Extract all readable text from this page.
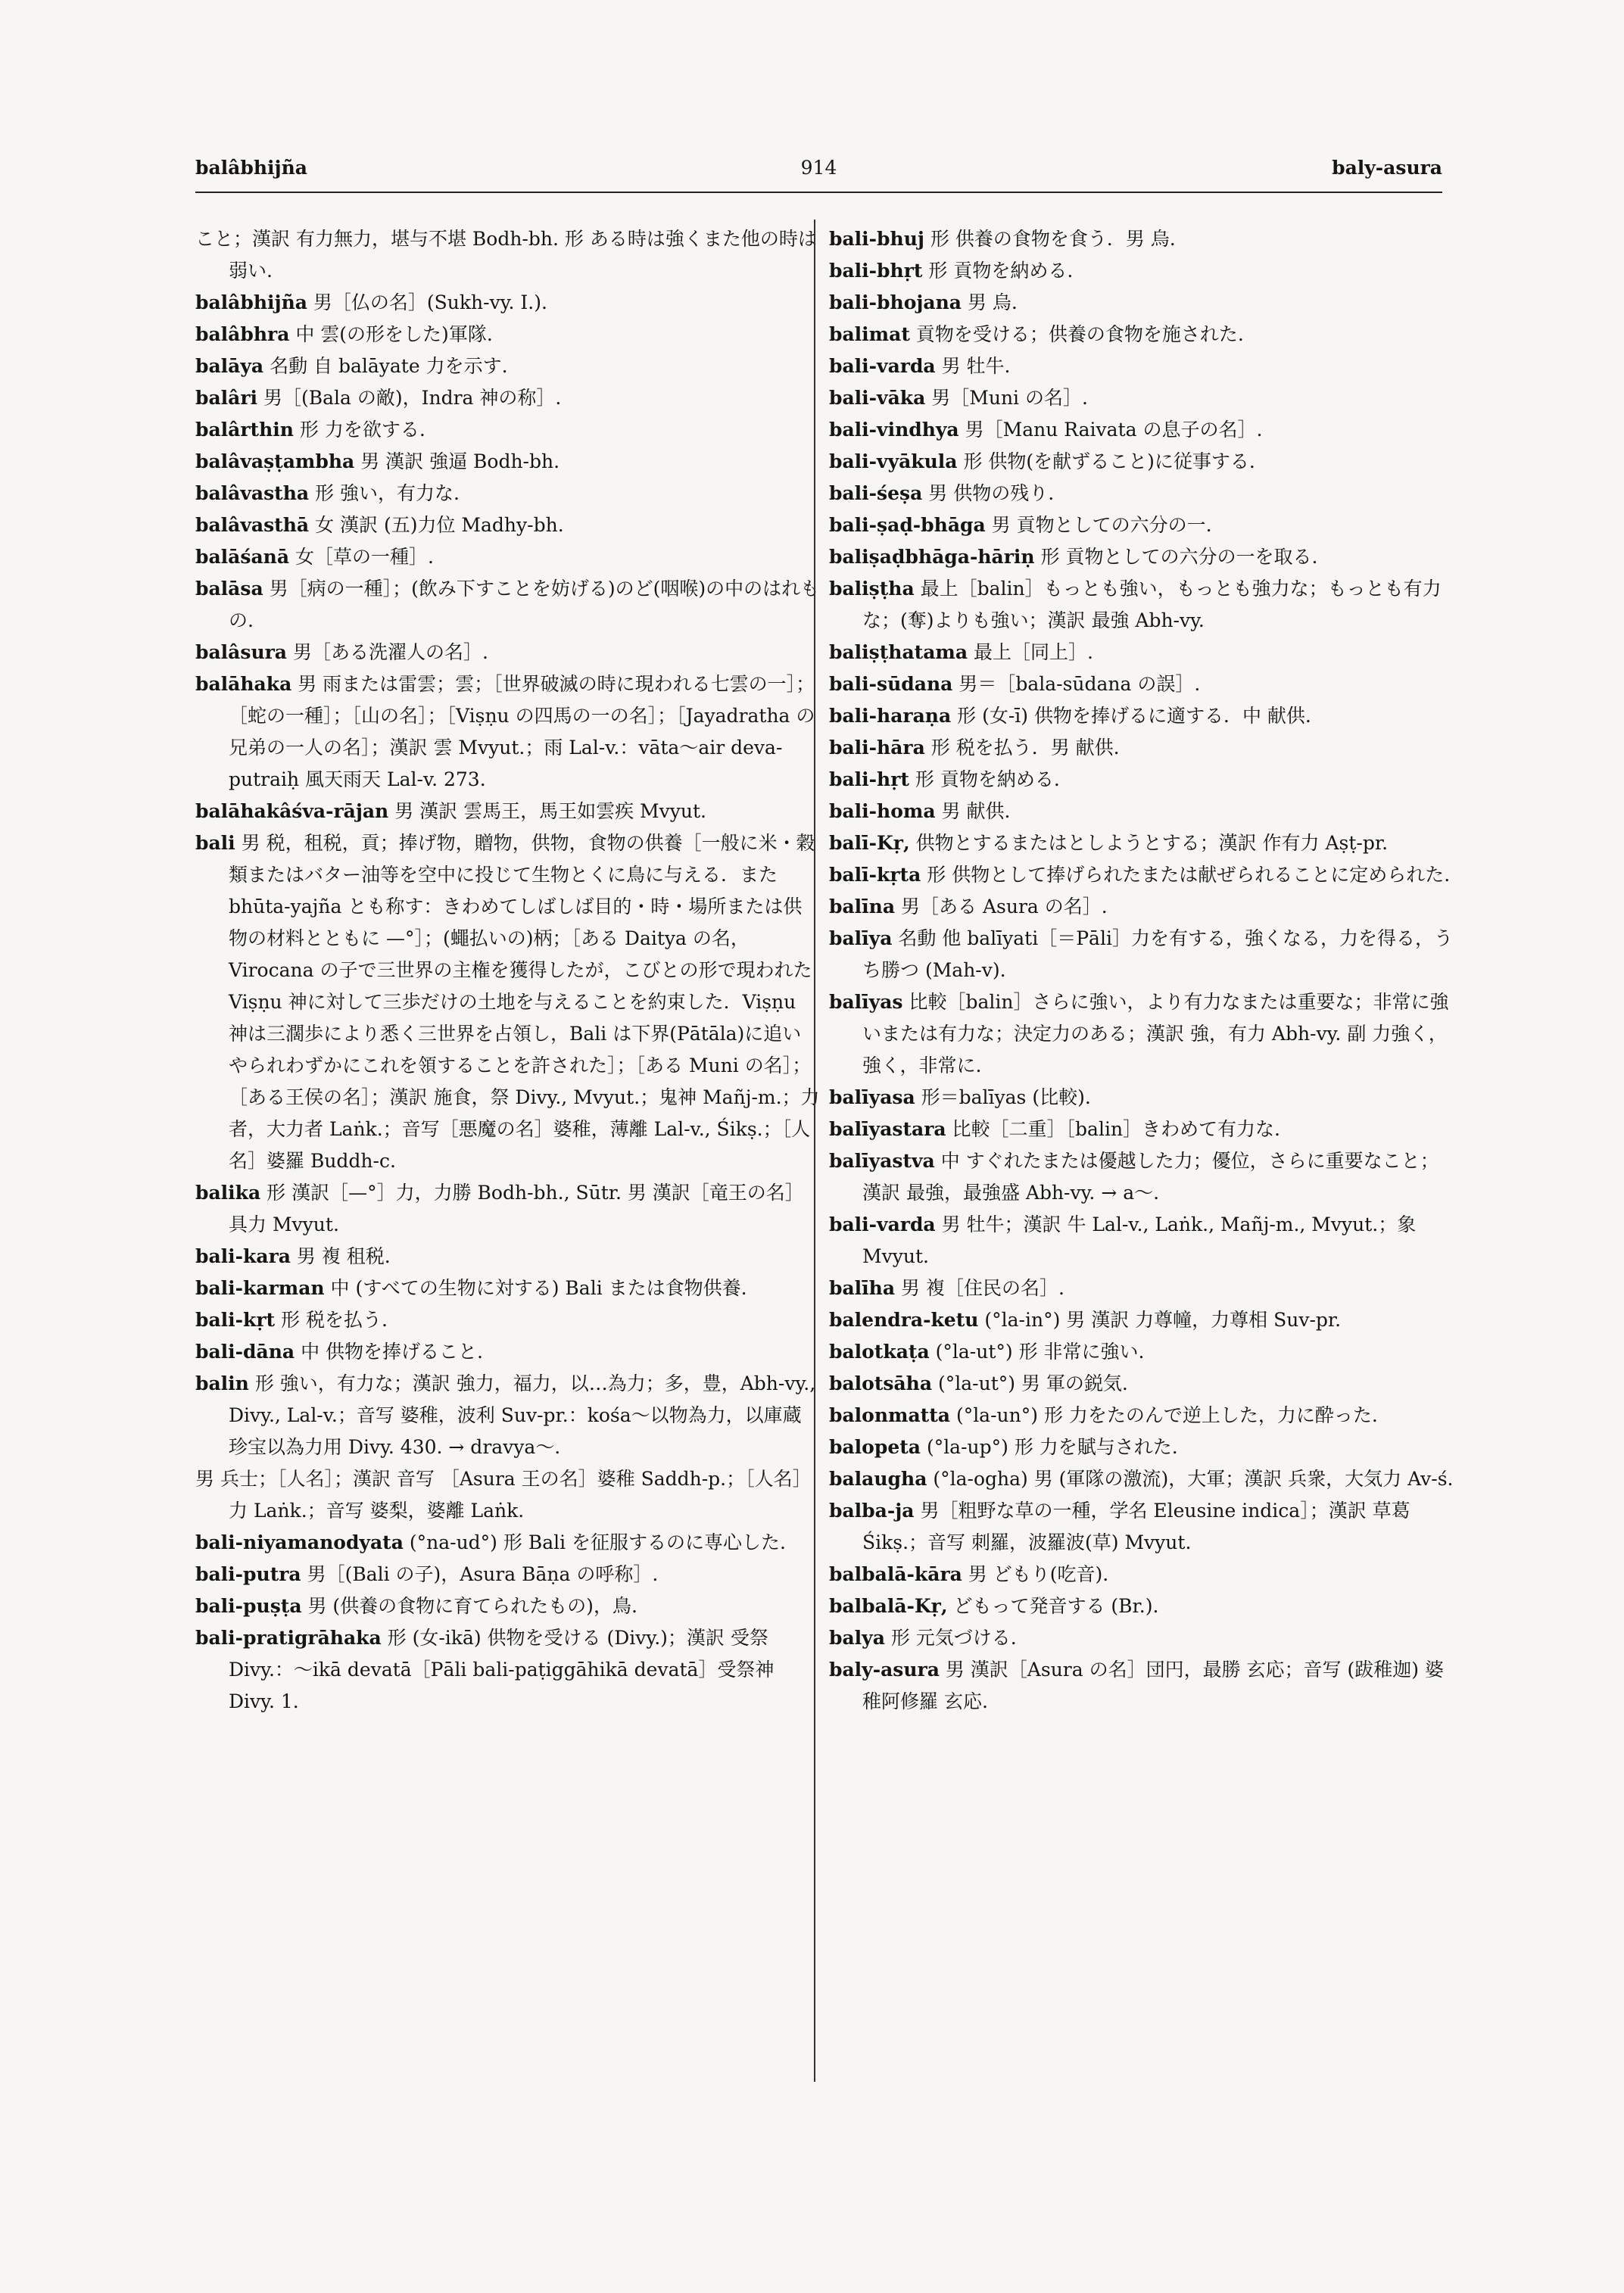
balâbhijña	914	baly-asura

こと；漢訳 有力無力，堪与不堪 Bodh-bh. 形 ある時は強くまた他の時は弱い.

balâbhijña 男［仏の名］(Sukh-vy. I.).

balâbhra 中 雲(の形をした)軍隊.

balāya 名動 自 balāyate 力を示す.

balâri 男［(Bala の敵)，Indra 神の称］.

balârthin 形 力を欲する.

balâvaṣṭambha 男 漢訳 強逼 Bodh-bh.

balâvastha 形 強い，有力な.

balâvasthā 女 漢訳 (五)力位 Madhy-bh.

balāśanā 女［草の一種］.

balāsa 男［病の一種］；(飲み下すことを妨げる)のど(咽喉)の中のはれもの.

balâsura 男［ある洗濯人の名］.

balāhaka 男 雨または雷雲；雲；［世界破滅の時に現われる七雲の一］；［蛇の一種］；［山の名］；［Viṣṇu の四馬の一の名］；［Jayadratha の兄弟の一人の名］；漢訳 雲 Mvyut.；雨 Lal-v.：vāta～air deva-putraiḥ 風天雨天 Lal-v. 273.

balāhakâśva-rājan 男 漢訳 雲馬王，馬王如雲疾 Mvyut.

bali 男 税，租税，貢；捧げ物，贈物，供物，食物の供養［一般に米・穀類またはバター油等を空中に投じて生物とくに鳥に与える．また bhūta-yajña とも称す：きわめてしばしば目的・時・場所または供物の材料とともに —°］；(蠅払いの)柄；［ある Daitya の名，Virocana の子で三世界の主権を獲得したが，こびとの形で現われた Viṣṇu 神に対して三歩だけの土地を与えることを約束した．Viṣṇu 神は三濶歩により悉く三世界を占領し，Bali は下界(Pātāla)に追いやられわずかにこれを領することを許された］；［ある Muni の名］；［ある王侯の名］；漢訳 施食，祭 Divy., Mvyut.；鬼神 Mañj-m.；力者，大力者 Laṅk.；音写［悪魔の名］婆稚，薄離 Lal-v., Śikṣ.；［人名］婆羅 Buddh-c.

balika 形 漢訳［—°］力，力勝 Bodh-bh., Sūtr. 男 漢訳［竜王の名］具力 Mvyut.

bali-kara 男 複 租税.

bali-karman 中 (すべての生物に対する) Bali または食物供養.

bali-kṛt 形 税を払う.

bali-dāna 中 供物を捧げること.

balin 形 強い，有力な；漢訳 強力，福力，以…為力；多，豊，Abh-vy., Divy., Lal-v.；音写 婆稚，波利 Suv-pr.：kośa～以物為力，以庫蔵珍宝以為力用 Divy. 430. → dravya～．

男 兵士；［人名］；漢訳 音写 ［Asura 王の名］婆稚 Saddh-p.；［人名］力 Laṅk.；音写 婆梨，婆離 Laṅk.

bali-niyamanodyata (°na-ud°) 形 Bali を征服するのに専心した.

bali-putra 男［(Bali の子)，Asura Bāṇa の呼称］.

bali-puṣṭa 男 (供養の食物に育てられたもの)，鳥.

bali-pratigrāhaka 形 (女-ikā) 供物を受ける (Divy.)；漢訳 受祭 Divy.：～ikā devatā［Pāli bali-paṭiggāhikā devatā］受祭神 Divy. 1.

bali-bhuj 形 供養の食物を食う．男 烏.

bali-bhṛt 形 貢物を納める.

bali-bhojana 男 烏.

balimat 貢物を受ける；供養の食物を施された.

bali-varda 男 牡牛.

bali-vāka 男［Muni の名］.

bali-vindhya 男［Manu Raivata の息子の名］.

bali-vyākula 形 供物(を献ずること)に従事する.

bali-śeṣa 男 供物の残り.

bali-ṣaḍ-bhāga 男 貢物としての六分の一.

baliṣaḍbhāga-hāriṇ 形 貢物としての六分の一を取る.

baliṣṭha 最上［balin］もっとも強い，もっとも強力な；もっとも有力な；(奪)よりも強い；漢訳 最強 Abh-vy.

baliṣṭhatama 最上［同上］.

bali-sūdana 男＝［bala-sūdana の誤］.

bali-haraṇa 形 (女-ī) 供物を捧げるに適する．中 献供.

bali-hāra 形 税を払う．男 献供.

bali-hṛt 形 貢物を納める.

bali-homa 男 献供.

balī-Kṛ, 供物とするまたはとしようとする；漢訳 作有力 Aṣṭ-pr.

balī-kṛta 形 供物として捧げられたまたは献ぜられることに定められた.

balīna 男［ある Asura の名］.

balīya 名動 他 balīyati［＝Pāli］力を有する，強くなる，力を得る，うち勝つ (Mah-v).

balīyas 比較［balin］さらに強い，より有力なまたは重要な；非常に強いまたは有力な；決定力のある；漢訳 強，有力 Abh-vy. 副 力強く，強く，非常に.

balīyasa 形＝balīyas (比較).

balīyastara 比較［二重］［balin］きわめて有力な.

balīyastva 中 すぐれたまたは優越した力；優位，さらに重要なこと；漢訳 最強，最強盛 Abh-vy. → a～.

bali-varda 男 牡牛；漢訳 牛 Lal-v., Laṅk., Mañj-m., Mvyut.；象 Mvyut.

balīha 男 複［住民の名］.

balendra-ketu (°la-in°) 男 漢訳 力尊幢，力尊相 Suv-pr.

balotkaṭa (°la-ut°) 形 非常に強い.

balotsāha (°la-ut°) 男 軍の鋭気.

balonmatta (°la-un°) 形 力をたのんで逆上した，力に酔った.

balopeta (°la-up°) 形 力を賦与された.

balaugha (°la-ogha) 男 (軍隊の激流)，大軍；漢訳 兵衆，大気力 Av-ś.

balba-ja 男［粗野な草の一種，学名 Eleusine indica］；漢訳 草葛 Śikṣ.；音写 刺羅，波羅波(草) Mvyut.

balbalā-kāra 男 どもり(吃音).

balbalā-Kṛ, どもって発音する (Br.).

balya 形 元気づける.

baly-asura 男 漢訳［Asura の名］団円，最勝 玄応；音写 (跋稚迦) 婆稚阿修羅 玄応.
